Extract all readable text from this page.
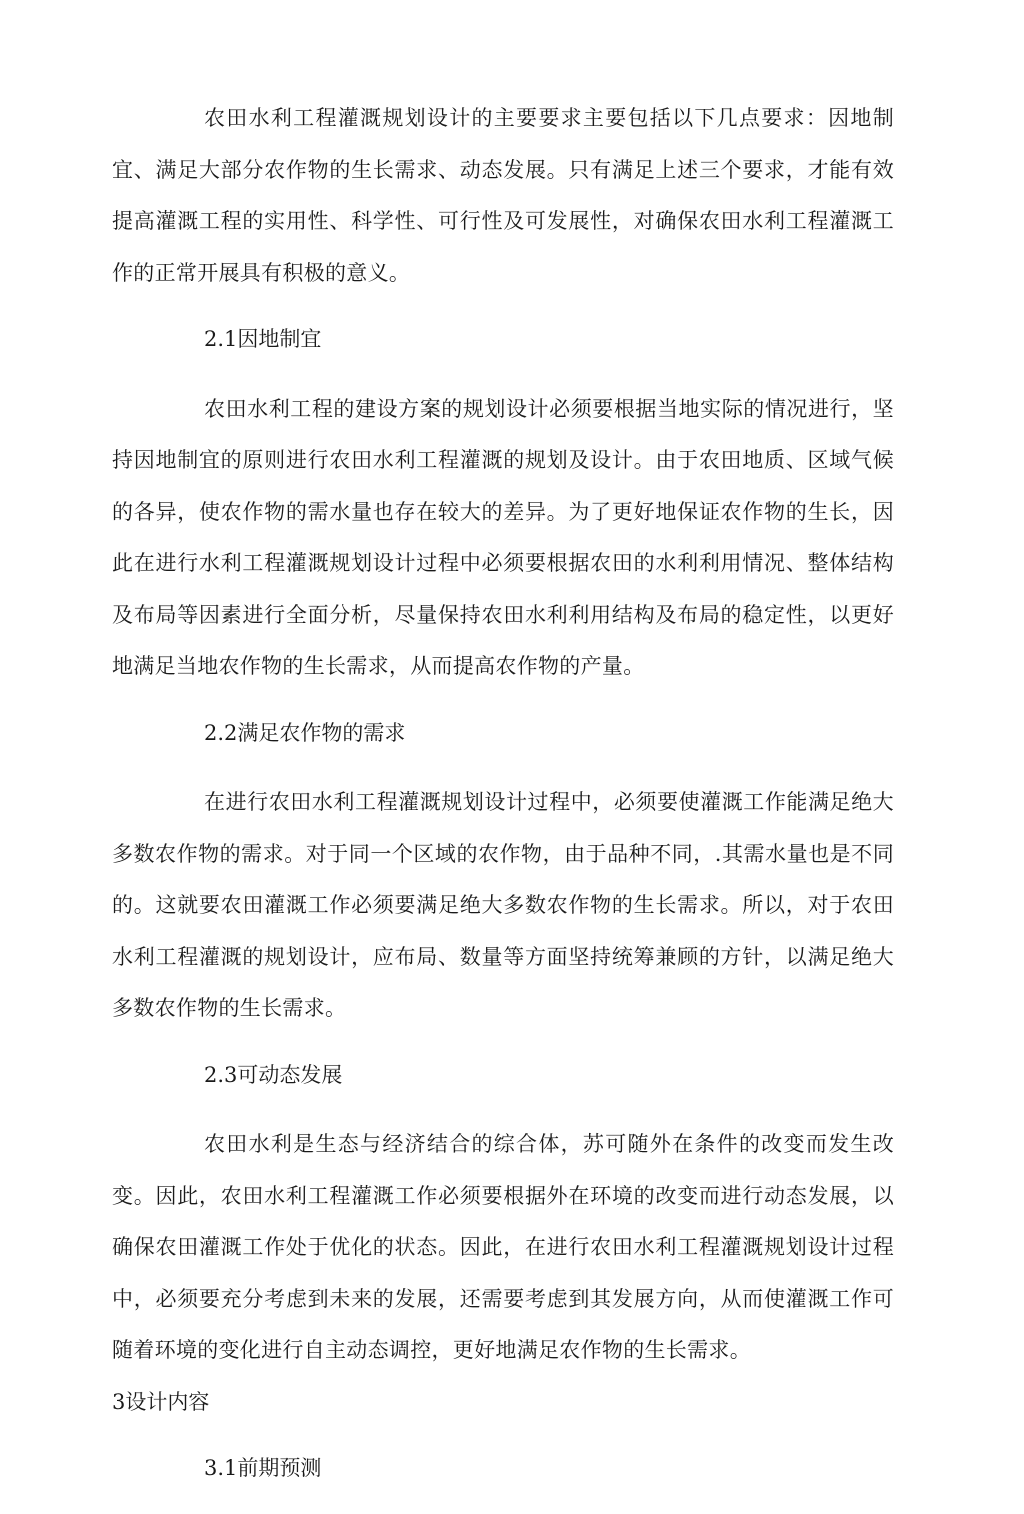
农田水利工程灌溉规划设计的主要要求主要包括以下几点要求：因地制宜、满足大部分农作物的生长需求、动态发展。只有满足上述三个要求，才能有效提高灌溉工程的实用性、科学性、可行性及可发展性，对确保农田水利工程灌溉工作的正常开展具有积极的意义。

2.1因地制宜

农田水利工程的建设方案的规划设计必须要根据当地实际的情况进行，坚持因地制宜的原则进行农田水利工程灌溉的规划及设计。由于农田地质、区域气候的各异，使农作物的需水量也存在较大的差异。为了更好地保证农作物的生长，因此在进行水利工程灌溉规划设计过程中必须要根据农田的水利利用情况、整体结构及布局等因素进行全面分析，尽量保持农田水利利用结构及布局的稳定性，以更好地满足当地农作物的生长需求，从而提高农作物的产量。

2.2满足农作物的需求

在进行农田水利工程灌溉规划设计过程中，必须要使灌溉工作能满足绝大多数农作物的需求。对于同一个区域的农作物，由于品种不同，.其需水量也是不同的。这就要农田灌溉工作必须要满足绝大多数农作物的生长需求。所以，对于农田水利工程灌溉的规划设计，应布局、数量等方面坚持统筹兼顾的方针，以满足绝大多数农作物的生长需求。

2.3可动态发展

农田水利是生态与经济结合的综合体，苏可随外在条件的改变而发生改变。因此，农田水利工程灌溉工作必须要根据外在环境的改变而进行动态发展，以确保农田灌溉工作处于优化的状态。因此，在进行农田水利工程灌溉规划设计过程中，必须要充分考虑到未来的发展，还需要考虑到其发展方向，从而使灌溉工作可随着环境的变化进行自主动态调控，更好地满足农作物的生长需求。

3设计内容

3.1前期预测
